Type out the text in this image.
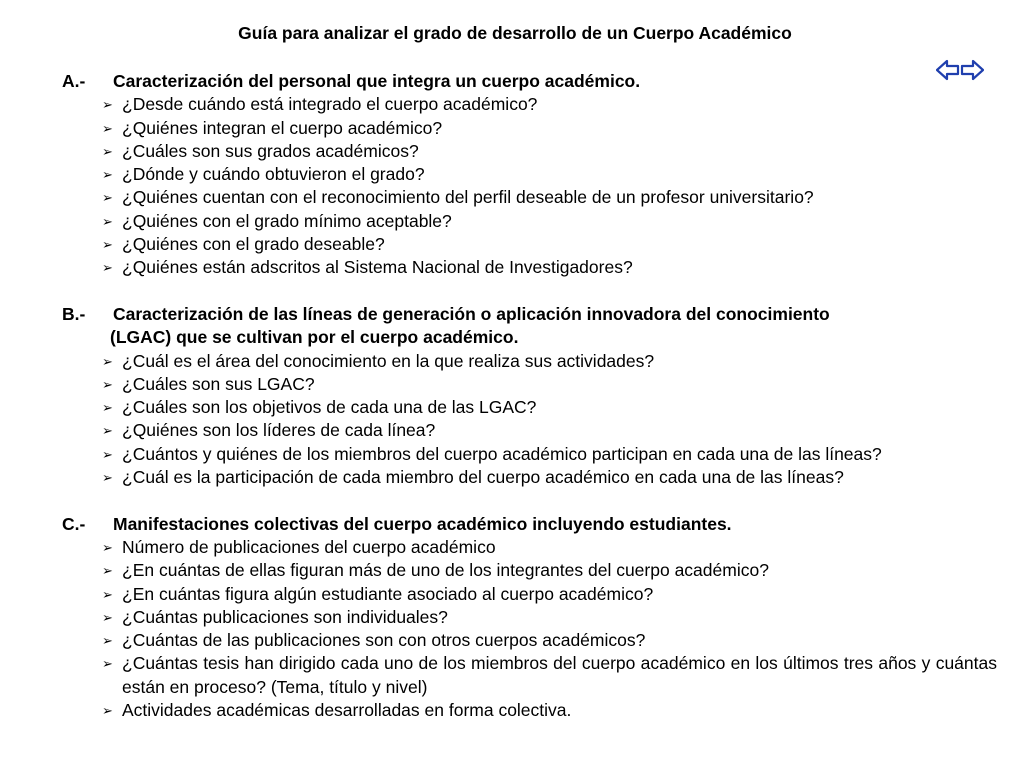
Guía para analizar el grado de desarrollo de un Cuerpo Académico
A.-	Caracterización del personal que integra un cuerpo académico.
➢ ¿Desde cuándo está integrado el cuerpo académico?
➢ ¿Quiénes integran el cuerpo académico?
➢ ¿Cuáles son sus grados académicos?
➢ ¿Dónde y cuándo obtuvieron el grado?
➢ ¿Quiénes cuentan con el reconocimiento del perfil deseable de un profesor universitario?
➢ ¿Quiénes con el grado mínimo aceptable?
➢ ¿Quiénes con el grado deseable?
➢ ¿Quiénes están adscritos al Sistema Nacional de Investigadores?
B.-	Caracterización de las líneas de generación o aplicación innovadora del conocimiento
(LGAC) que se cultivan por el cuerpo académico.
➢ ¿Cuál es el área del conocimiento en la que realiza sus actividades?
➢ ¿Cuáles son sus LGAC?
➢ ¿Cuáles son los objetivos de cada una de las LGAC?
➢ ¿Quiénes son los líderes de cada línea?
➢ ¿Cuántos y quiénes de los miembros del cuerpo académico participan en cada una de las líneas?
➢ ¿Cuál es la participación de cada miembro del cuerpo académico en cada una de las líneas?
C.-	Manifestaciones colectivas del cuerpo académico incluyendo estudiantes.
➢ Número de publicaciones del cuerpo académico
➢ ¿En cuántas de ellas figuran más de uno de los integrantes del cuerpo académico?
➢ ¿En cuántas figura algún estudiante asociado al cuerpo académico?
➢ ¿Cuántas publicaciones son individuales?
➢ ¿Cuántas de las publicaciones son con otros cuerpos académicos?
➢ ¿Cuántas tesis han dirigido cada uno de los miembros del cuerpo académico en los últimos tres años y cuántas están en proceso? (Tema, título y nivel)
➢ Actividades académicas desarrolladas en forma colectiva.
